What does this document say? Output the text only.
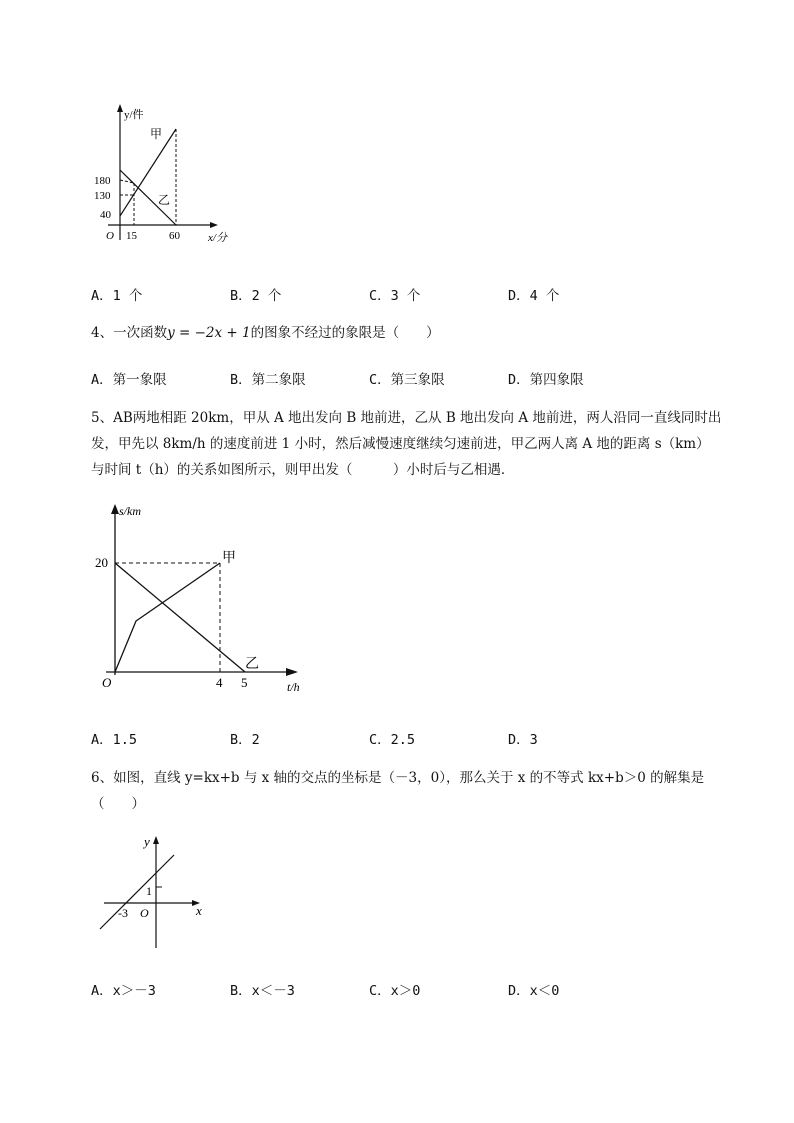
y/件
x/分
O
180
130
40
15	60
甲
乙
A．1 个	B．2 个	C．3 个	D．4 个
4、一次函数y = −2x + 1的图象不经过的象限是（　　）
A．第一象限	B．第二象限	C．第三象限	D．第四象限
5、AB两地相距 20km，甲从 A 地出发向 B 地前进，乙从 B 地出发向 A 地前进，两人沿同一直线同时出
发，甲先以 8km/h 的速度前进 1 小时，然后减慢速度继续匀速前进，甲乙两人离 A 地的距离 s（km）
与时间 t（h）的关系如图所示，则甲出发（　　　）小时后与乙相遇．
s/km
t/h
O
20
4 5
甲
乙
A．1.5	B．2	C．2.5	D．3
6、如图，直线 y=kx+b 与 x 轴的交点的坐标是（－3，0），那么关于 x 的不等式 kx+b＞0 的解集是
（　　）
y
x
O
1
-3
A．x＞－3	B．x＜－3	C．x＞0	D．x＜0
